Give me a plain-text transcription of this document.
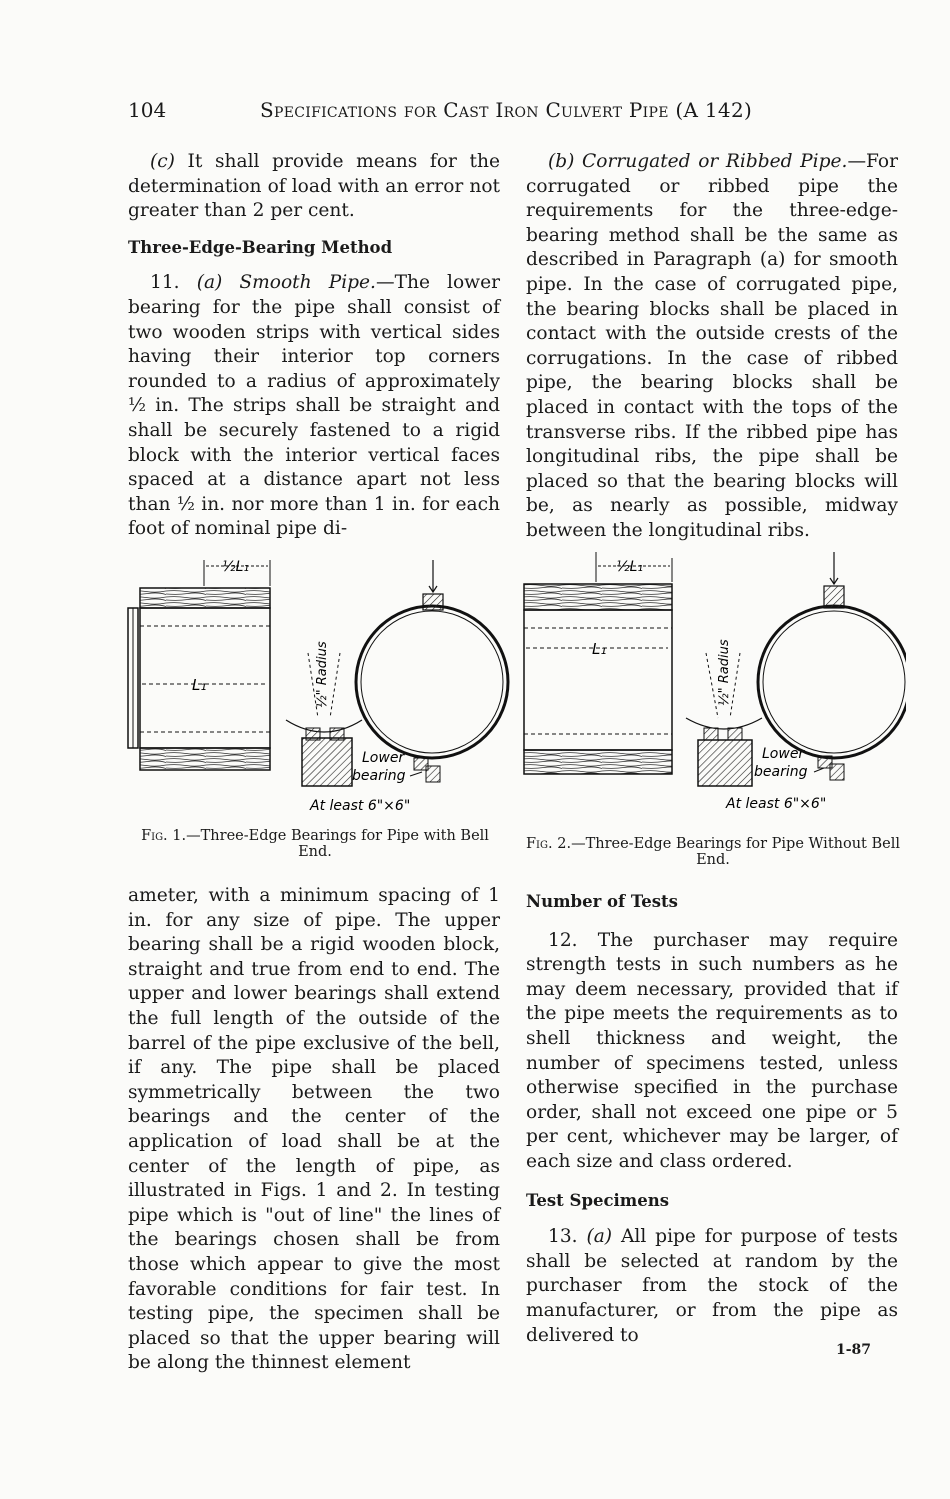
104	Specifications for Cast Iron Culvert Pipe (A 142)

(c) It shall provide means for the determination of load with an error not greater than 2 per cent.

Three-Edge-Bearing Method

11. (a) Smooth Pipe.—The lower bearing for the pipe shall consist of two wooden strips with vertical sides having their interior top corners rounded to a radius of approximately ½ in. The strips shall be straight and shall be securely fastened to a rigid block with the interior vertical faces spaced at a distance apart not less than ½ in. nor more than 1 in. for each foot of nominal pipe di-

(b) Corrugated or Ribbed Pipe.—For corrugated or ribbed pipe the requirements for the three-edge-bearing method shall be the same as described in Paragraph (a) for smooth pipe. In the case of corrugated pipe, the bearing blocks shall be placed in contact with the outside crests of the corrugations. In the case of ribbed pipe, the bearing blocks shall be placed in contact with the tops of the transverse ribs. If the ribbed pipe has longitudinal ribs, the pipe shall be placed so that the bearing blocks will be, as nearly as possible, midway between the longitudinal ribs.

½L₁
L₁	½" Radius
Lower
bearing
At least 6"×6"
Fig. 1.—Three-Edge Bearings for Pipe with Bell End.
½L₁
L₁	½" Radius
Lower
bearing
At least 6"×6"
Fig. 2.—Three-Edge Bearings for Pipe Without Bell End.

ameter, with a minimum spacing of 1 in. for any size of pipe. The upper bearing shall be a rigid wooden block, straight and true from end to end. The upper and lower bearings shall extend the full length of the outside of the barrel of the pipe exclusive of the bell, if any. The pipe shall be placed symmetrically between the two bearings and the center of the application of load shall be at the center of the length of pipe, as illustrated in Figs. 1 and 2. In testing pipe which is "out of line" the lines of the bearings chosen shall be from those which appear to give the most favorable conditions for fair test. In testing pipe, the specimen shall be placed so that the upper bearing will be along the thinnest element

Number of Tests

12. The purchaser may require strength tests in such numbers as he may deem necessary, provided that if the pipe meets the requirements as to shell thickness and weight, the number of specimens tested, unless otherwise specified in the purchase order, shall not exceed one pipe or 5 per cent, whichever may be larger, of each size and class ordered.

Test Specimens

13. (a) All pipe for purpose of tests shall be selected at random by the purchaser from the stock of the manufacturer, or from the pipe as delivered to

1-87
